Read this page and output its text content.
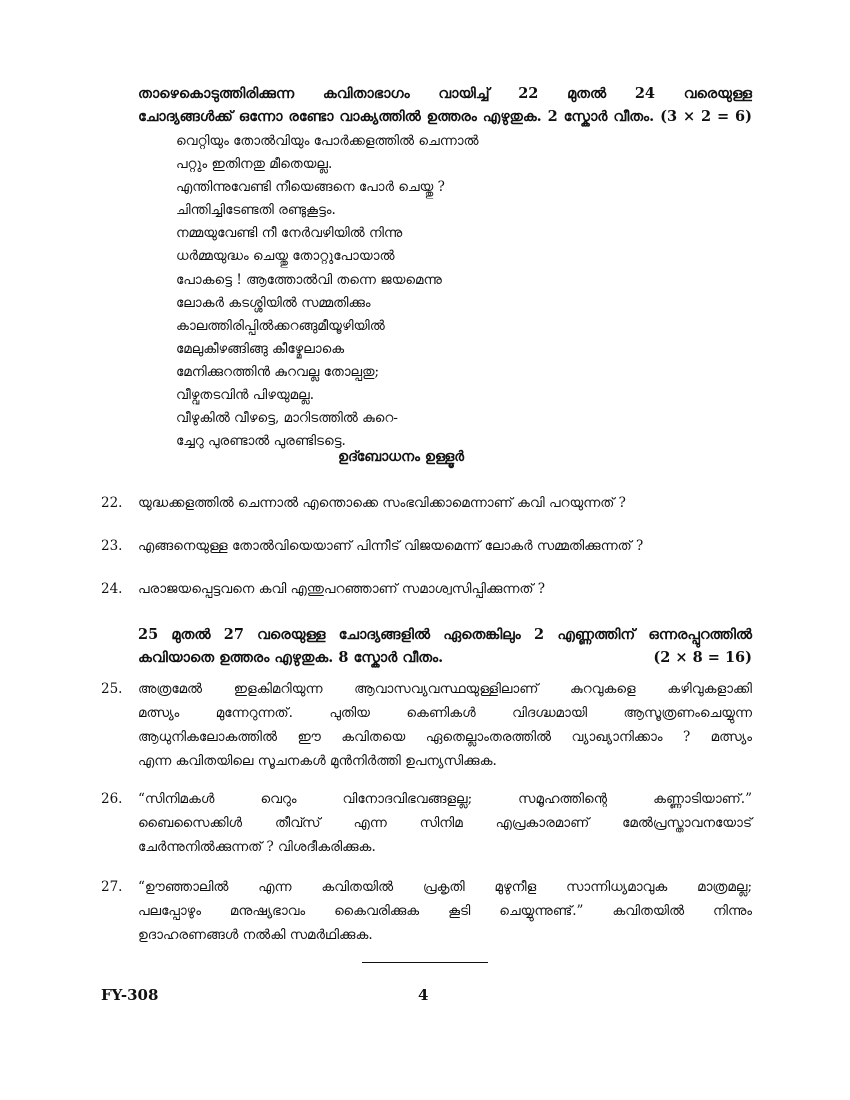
താഴെകൊടുത്തിരിക്കുന്ന കവിതാഭാഗം വായിച്ച് 22 മുതൽ 24 വരെയുള്ള
ചോദ്യങ്ങൾക്ക് ഒന്നോ രണ്ടോ വാക്യത്തിൽ ഉത്തരം എഴുതുക. 2 സ്കോർ വീതം. (3 × 2 = 6)
വെറ്റിയും തോൽവിയും പോർക്കളത്തിൽ ചെന്നാൽ
പറ്റും ഇതിനതു മീതെയല്ല.
എന്തിന്നുവേണ്ടി നീയെങ്ങനെ പോർ ചെയ്തു ?
ചിന്തിച്ചിടേണ്ടതി രണ്ടുകൂട്ടം.
നമ്മയുവേണ്ടി നീ നേർവഴിയിൽ നിന്നു
ധർമ്മയുദ്ധം ചെയ്തു തോറ്റുപോയാൽ
പോകട്ടെ ! ആത്തോൽവി തന്നെ ജയമെന്നു
ലോകർ കടശ്ശിയിൽ സമ്മതിക്കും
കാലത്തിരിപ്പിൽക്കറങ്ങുമീയൂഴിയിൽ
മേലുകീഴങ്ങിങ്ങു കീഴ്മേലാകെ
മേനിക്കുറത്തിൻ കുറവല്ല തോല്പതു;
വീഴ്വതടവിൻ പിഴയുമല്ല.
വീഴുകിൽ വീഴട്ടെ, മാറിടത്തിൽ കുറെ-
ച്ചേറു പുരണ്ടാൽ പുരണ്ടിടട്ടെ.
ഉദ്ബോധനം ഉള്ളൂർ
22.	യുദ്ധക്കളത്തിൽ ചെന്നാൽ എന്തൊക്കെ സംഭവിക്കാമെന്നാണ് കവി പറയുന്നത് ?
23.	എങ്ങനെയുള്ള തോൽവിയെയാണ് പിന്നീട് വിജയമെന്ന് ലോകർ സമ്മതിക്കുന്നത് ?
24.	പരാജയപ്പെട്ടവനെ കവി എന്തുപറഞ്ഞാണ് സമാശ്വസിപ്പിക്കുന്നത് ?
25 മുതൽ 27 വരെയുള്ള ചോദ്യങ്ങളിൽ ഏതെങ്കിലും 2 എണ്ണത്തിന് ഒന്നരപ്പുറത്തിൽ
കവിയാതെ ഉത്തരം എഴുതുക. 8 സ്കോർ വീതം.	(2 × 8 = 16)
25.	അത്രമേൽ ഇളകിമറിയുന്ന ആവാസവ്യവസ്ഥയുള്ളിലാണ് കുറവുകളെ കഴിവുകളാക്കി
മത്സ്യം മുന്നേറുന്നത്. പുതിയ കെണികൾ വിദഗ്ദ്ധമായി ആസൂത്രണംചെയ്യുന്ന
ആധുനികലോകത്തിൽ ഈ കവിതയെ ഏതെല്ലാംതരത്തിൽ വ്യാഖ്യാനിക്കാം ? മത്സ്യം
എന്ന കവിതയിലെ സൂചനകൾ മുൻനിർത്തി ഉപന്യസിക്കുക.
26.	“സിനിമകൾ വെറും വിനോദവിഭവങ്ങളല്ല; സമൂഹത്തിന്റെ കണ്ണാടിയാണ്.”
ബൈസൈക്കിൾ തീവ്സ് എന്ന സിനിമ എപ്രകാരമാണ് മേൽപ്രസ്താവനയോട്
ചേർന്നുനിൽക്കുന്നത് ? വിശദീകരിക്കുക.
27.	“ഊഞ്ഞാലിൽ എന്ന കവിതയിൽ പ്രകൃതി മുഴുനീള സാന്നിധ്യമാവുക മാത്രമല്ല;
പലപ്പോഴും മനുഷ്യഭാവം കൈവരിക്കുക കൂടി ചെയ്യുന്നുണ്ട്.” കവിതയിൽ നിന്നും
ഉദാഹരണങ്ങൾ നൽകി സമർഥിക്കുക.
FY-308	4
